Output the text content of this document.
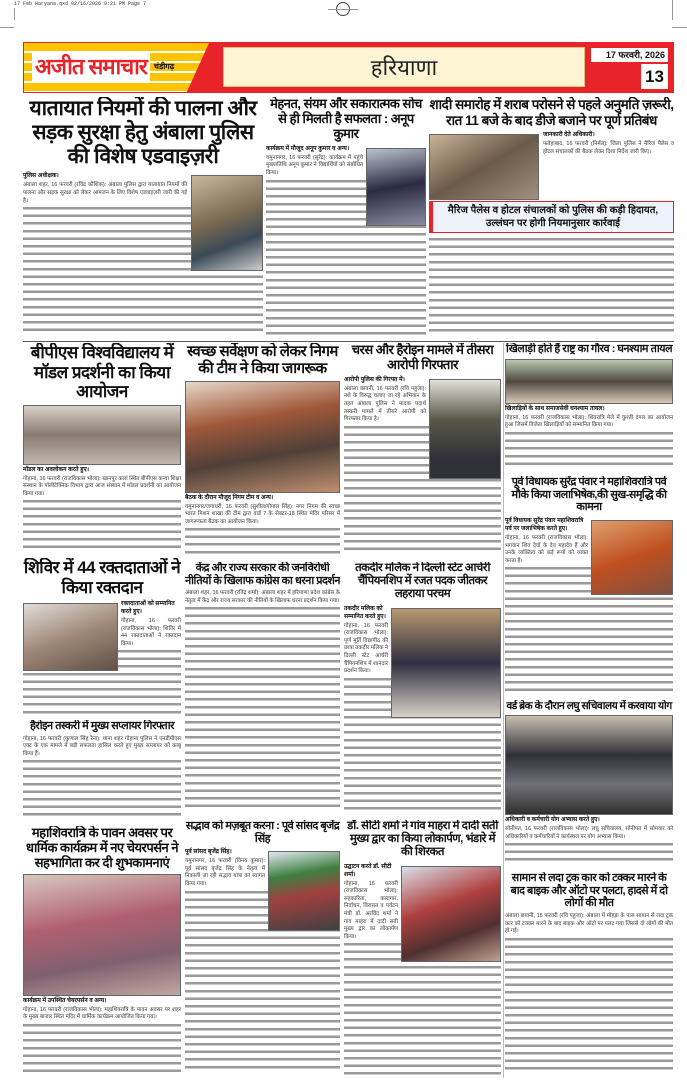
17 Feb Haryana.qxd 02/16/2026 9:21 PM Page 7
अजीत समाचार चंडीगढ़	हरियाणा	17 फरवरी, 2026
13
यातायात नियमों की पालना और सड़क सुरक्षा हेतु अंबाला पुलिस की विशेष एडवाइज़री
पुलिस अधीक्षक।

अंबाला शहर, 16 फरवरी (रविंद्र कौशिक): अंबाला पुलिस द्वारा यातायात नियमों की पालना और सड़क सुरक्षा को लेकर आमजन के लिए विशेष एडवाइज़री जारी की गई है।

मेहनत, संयम और सकारात्मक सोच से ही मिलती है सफलता : अनूप कुमार
कार्यक्रम में मौजूद अनूप कुमार व अन्य।

यमुनानगर, 16 फरवरी (सुरेंद्र): कार्यक्रम में पहुंचे मुख्यातिथि अनूप कुमार ने विद्यार्थियों को संबोधित किया।

शादी समारोह में शराब परोसने से पहले अनुमति ज़रूरी, रात 11 बजे के बाद डीजे बजाने पर पूर्ण प्रतिबंध
जानकारी देते अधिकारी।

फतेहाबाद, 16 फरवरी (निर्मल): जिला पुलिस ने मैरिज पैलेस व होटल संचालकों की बैठक लेकर दिशा निर्देश जारी किए।

मैरिज पैलेस व होटल संचालकों को पुलिस की कड़ी हिदायत, उल्लंघन पर होगी नियमानुसार कार्रवाई
बीपीएस विश्वविद्यालय में मॉडल प्रदर्शनी का किया आयोजन
मॉडल का अवलोकन करते हुए।

गोहाना, 16 फरवरी (राजविकास भोला): खानपुर कलां स्थित बीपीएस कन्या शिक्षा संस्थान के पॉलीटेक्निक विभाग द्वारा आज संस्थान में मॉडल प्रदर्शनी का आयोजन किया गया।

शिविर में 44 रक्तदाताओं ने किया रक्तदान
रक्तदाताओं को सम्मानित करते हुए।

गोहाना, 16 फरवरी (राजविकास भोला): शिविर में 44 रक्तदाताओं ने रक्तदान किया।

हैरोइन तस्करी में मुख्य सप्लायर गिरफ्तार

गोहाना, 16 फरवरी (कुणाल सिंह रैना): थाना शहर गोहाना पुलिस ने एनडीपीएस एक्ट के एक मामले में बड़ी सफलता हासिल करते हुए मुख्य सप्लायर को काबू किया है।

महाशिवरात्रि के पावन अवसर पर धार्मिक कार्यक्रम में नए चेयरपर्सन ने सहभागिता कर दी शुभकामनाएं
कार्यक्रम में उपस्थित चेयरपर्सन व अन्य।

गोहाना, 16 फरवरी (राजविकास भोला): महाशिवरात्रि के पावन अवसर पर शहर के मुख्य बाजार स्थित मंदिर में धार्मिक कार्यक्रम आयोजित किया गया।

स्वच्छ सर्वेक्षण को लेकर निगम की टीम ने किया जागरूक
बैठक के दौरान मौजूद निगम टीम व अन्य।

यमुनानगर/जगाधरी, 16 फरवरी (सुशील/गोपाल सिंह): नगर निगम की स्वच्छ भारत मिशन शाखा की टीम द्वारा वार्ड 7 के सेक्टर-18 स्थित मंदिर परिसर में जागरूकता बैठक का आयोजन किया।

केंद्र और राज्य सरकार की जनविरोधी नीतियों के खिलाफ कांग्रेस का धरना प्रदर्शन

अंबाला शहर, 16 फरवरी (रविंद्र शर्मा): अंबाला शहर में हरियाणा प्रदेश कांग्रेस के नेतृत्व में केंद्र और राज्य सरकार की नीतियों के खिलाफ धरना प्रदर्शन किया गया।

सद्भाव को मज़बूत करना : पूर्व सांसद बृजेंद्र सिंह
पूर्व सांसद बृजेंद्र सिंह।

यमुनानगर, 16 फरवरी (विनय कुमार): पूर्व सांसद बृजेंद्र सिंह के नेतृत्व में निकाली जा रही सद्भाव यात्रा का स्वागत किया गया।

चरस और हैरोइन मामले में तीसरा आरोपी गिरफ्तार
आरोपी पुलिस की गिरफ्त में।

अंबाला छावनी, 16 फरवरी (रवि पहुजा): नशे के विरुद्ध चलाए जा रहे अभियान के तहत अंबाला पुलिस ने मादक पदार्थ तस्करी मामले में तीसरे आरोपी को गिरफ्तार किया है।

तकदीर मलिक ने दिल्ली स्टेट आर्चरी चैंपियनशिप में रजत पदक जीतकर लहराया परचम
तकदीर मलिक को सम्मानित करते हुए।

गोहाना, 16 फरवरी (राजविकास भोला): पूर्ण मूर्ति विद्यापीठ की छात्रा तकदीर मलिक ने दिल्ली स्टेट आर्चरी चैंपियनशिप में शानदार प्रदर्शन किया।

डॉ. सीटी शर्मा ने गांव माहरा में दादी सती मुख्य द्वार का किया लोकार्पण, भंडारे में की शिरकत
उद्घाटन करते डॉ. सीटी शर्मा।

गोहाना, 16 फरवरी (राजविकास भोला): सहकारिता, कारागार, निर्वाचन, विरासत व पर्यटन मंत्री डॉ. अरविंद शर्मा ने गांव माहरा में दादी सती मुख्य द्वार का लोकार्पण किया।

खिलाड़ी होते हैं राष्ट्र का गौरव : घनश्याम तायल
खिलाड़ियों के साथ समाजसेवी घनश्याम तायल।

गोहाना, 16 फरवरी (राजविकास भोला): शिवरात्रि मेले में कुश्ती दंगल का आयोजन हुआ जिसमें विजेता खिलाड़ियों को सम्मानित किया गया।

पूर्व विधायक सुरेंद्र पंवार ने महाशिवरात्रि पर्व मौके किया जलाभिषेक,की सुख-समृद्धि की कामना
पूर्व विधायक सुरेंद्र पंवार महाशिवरात्रि पर्व पर जलाभिषेक करते हुए।

गोहाना, 16 फरवरी (राजविकास भोला): भगवान शिव देवों के देव महादेव हैं और उनके व्यक्तित्व को कई रूपों को व्यक्त करता है।

वर्ड ब्रेक के दौरान लघु सचिवालय में करवाया योग
अधिकारी व कर्मचारी योग अभ्यास करते हुए।

सोनीपत, 16 फरवरी (राजविकास भोला): लघु सचिवालय, सोनीपत में सोमवार को अधिकारियों व कर्मचारियों ने कार्यस्थल पर योग अभ्यास किया।

सामान से लदा ट्रक कार को टक्कर मारने के बाद बाइक और ऑटो पर पलटा, हादसे में दो लोगों की मौत

अंबाला छावनी, 16 फरवरी (रवि पहुजा): अंबाला में मोहड़ा के पास सामान से लदा ट्रक कार को टक्कर मारने के बाद बाइक और ऑटो पर पलट गया जिससे दो लोगों की मौत हो गई।
